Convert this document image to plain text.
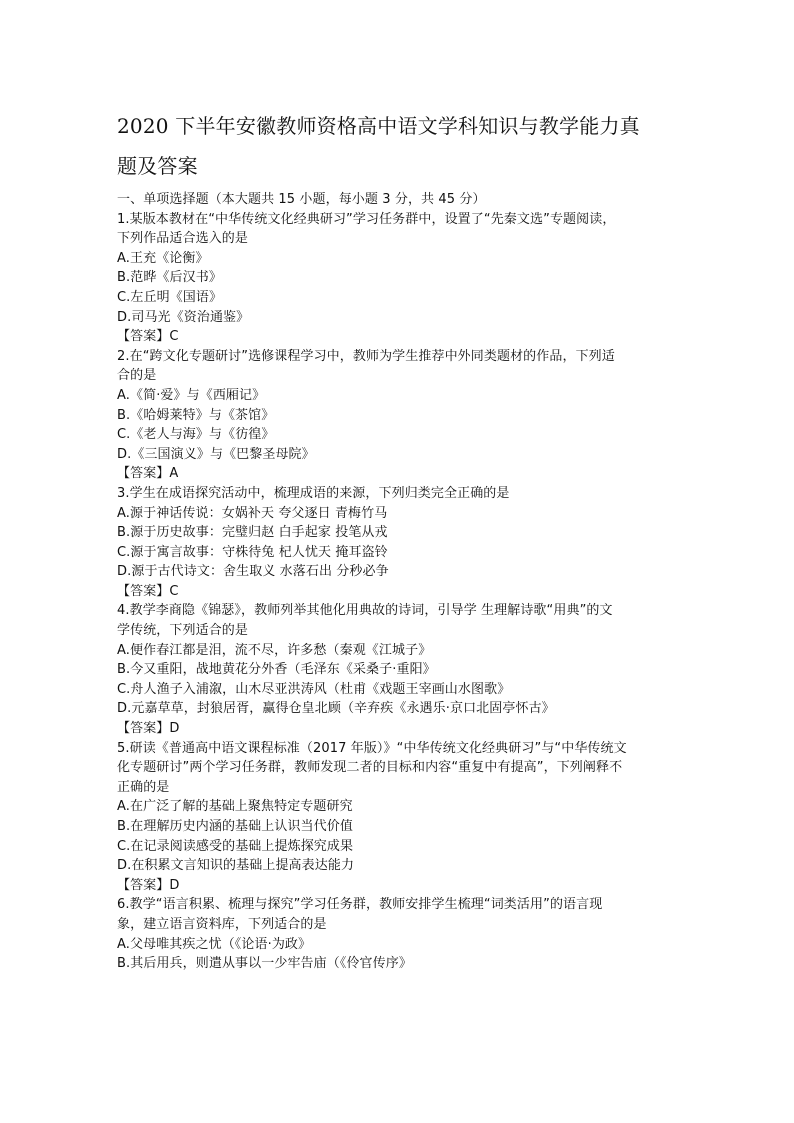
2020 下半年安徽教师资格高中语文学科知识与教学能力真
题及答案
一、单项选择题（本大题共 15 小题，每小题 3 分，共 45 分）
1.某版本教材在“中华传统文化经典研习”学习任务群中，设置了“先秦文选”专题阅读，
下列作品适合选入的是
A.王充《论衡》
B.范晔《后汉书》
C.左丘明《国语》
D.司马光《资治通鉴》
【答案】C
2.在“跨文化专题研讨”选修课程学习中，教师为学生推荐中外同类题材的作品，下列适
合的是
A.《简·爱》与《西厢记》
B.《哈姆莱特》与《茶馆》
C.《老人与海》与《彷徨》
D.《三国演义》与《巴黎圣母院》
【答案】A
3.学生在成语探究活动中，梳理成语的来源，下列归类完全正确的是
A.源于神话传说：女娲补天 夸父逐日 青梅竹马
B.源于历史故事：完璧归赵 白手起家 投笔从戎
C.源于寓言故事：守株待兔 杞人忧天 掩耳盗铃
D.源于古代诗文：舍生取义 水落石出 分秒必争
【答案】C
4.教学李商隐《锦瑟》，教师列举其他化用典故的诗词，引导学 生理解诗歌“用典”的文
学传统，下列适合的是
A.便作春江都是泪，流不尽，许多愁（秦观《江城子》
B.今又重阳，战地黄花分外香（毛泽东《采桑子·重阳》
C.舟人渔子入浦溆，山木尽亚洪涛风（杜甫《戏题王宰画山水图歌》
D.元嘉草草，封狼居胥，赢得仓皇北顾（辛弃疾《永遇乐·京口北固亭怀古》
【答案】D
5.研读《普通高中语文课程标准（2017 年版）》“中华传统文化经典研习”与“中华传统文
化专题研讨”两个学习任务群，教师发现二者的目标和内容“重复中有提高”，下列阐释不
正确的是
A.在广泛了解的基础上聚焦特定专题研究
B.在理解历史内涵的基础上认识当代价值
C.在记录阅读感受的基础上提炼探究成果
D.在积累文言知识的基础上提高表达能力
【答案】D
6.教学“语言积累、梳理与探究”学习任务群，教师安排学生梳理“词类活用”的语言现
象，建立语言资料库，下列适合的是
A.父母唯其疾之忧（《论语·为政》
B.其后用兵，则遣从事以一少牢告庙（《伶官传序》
